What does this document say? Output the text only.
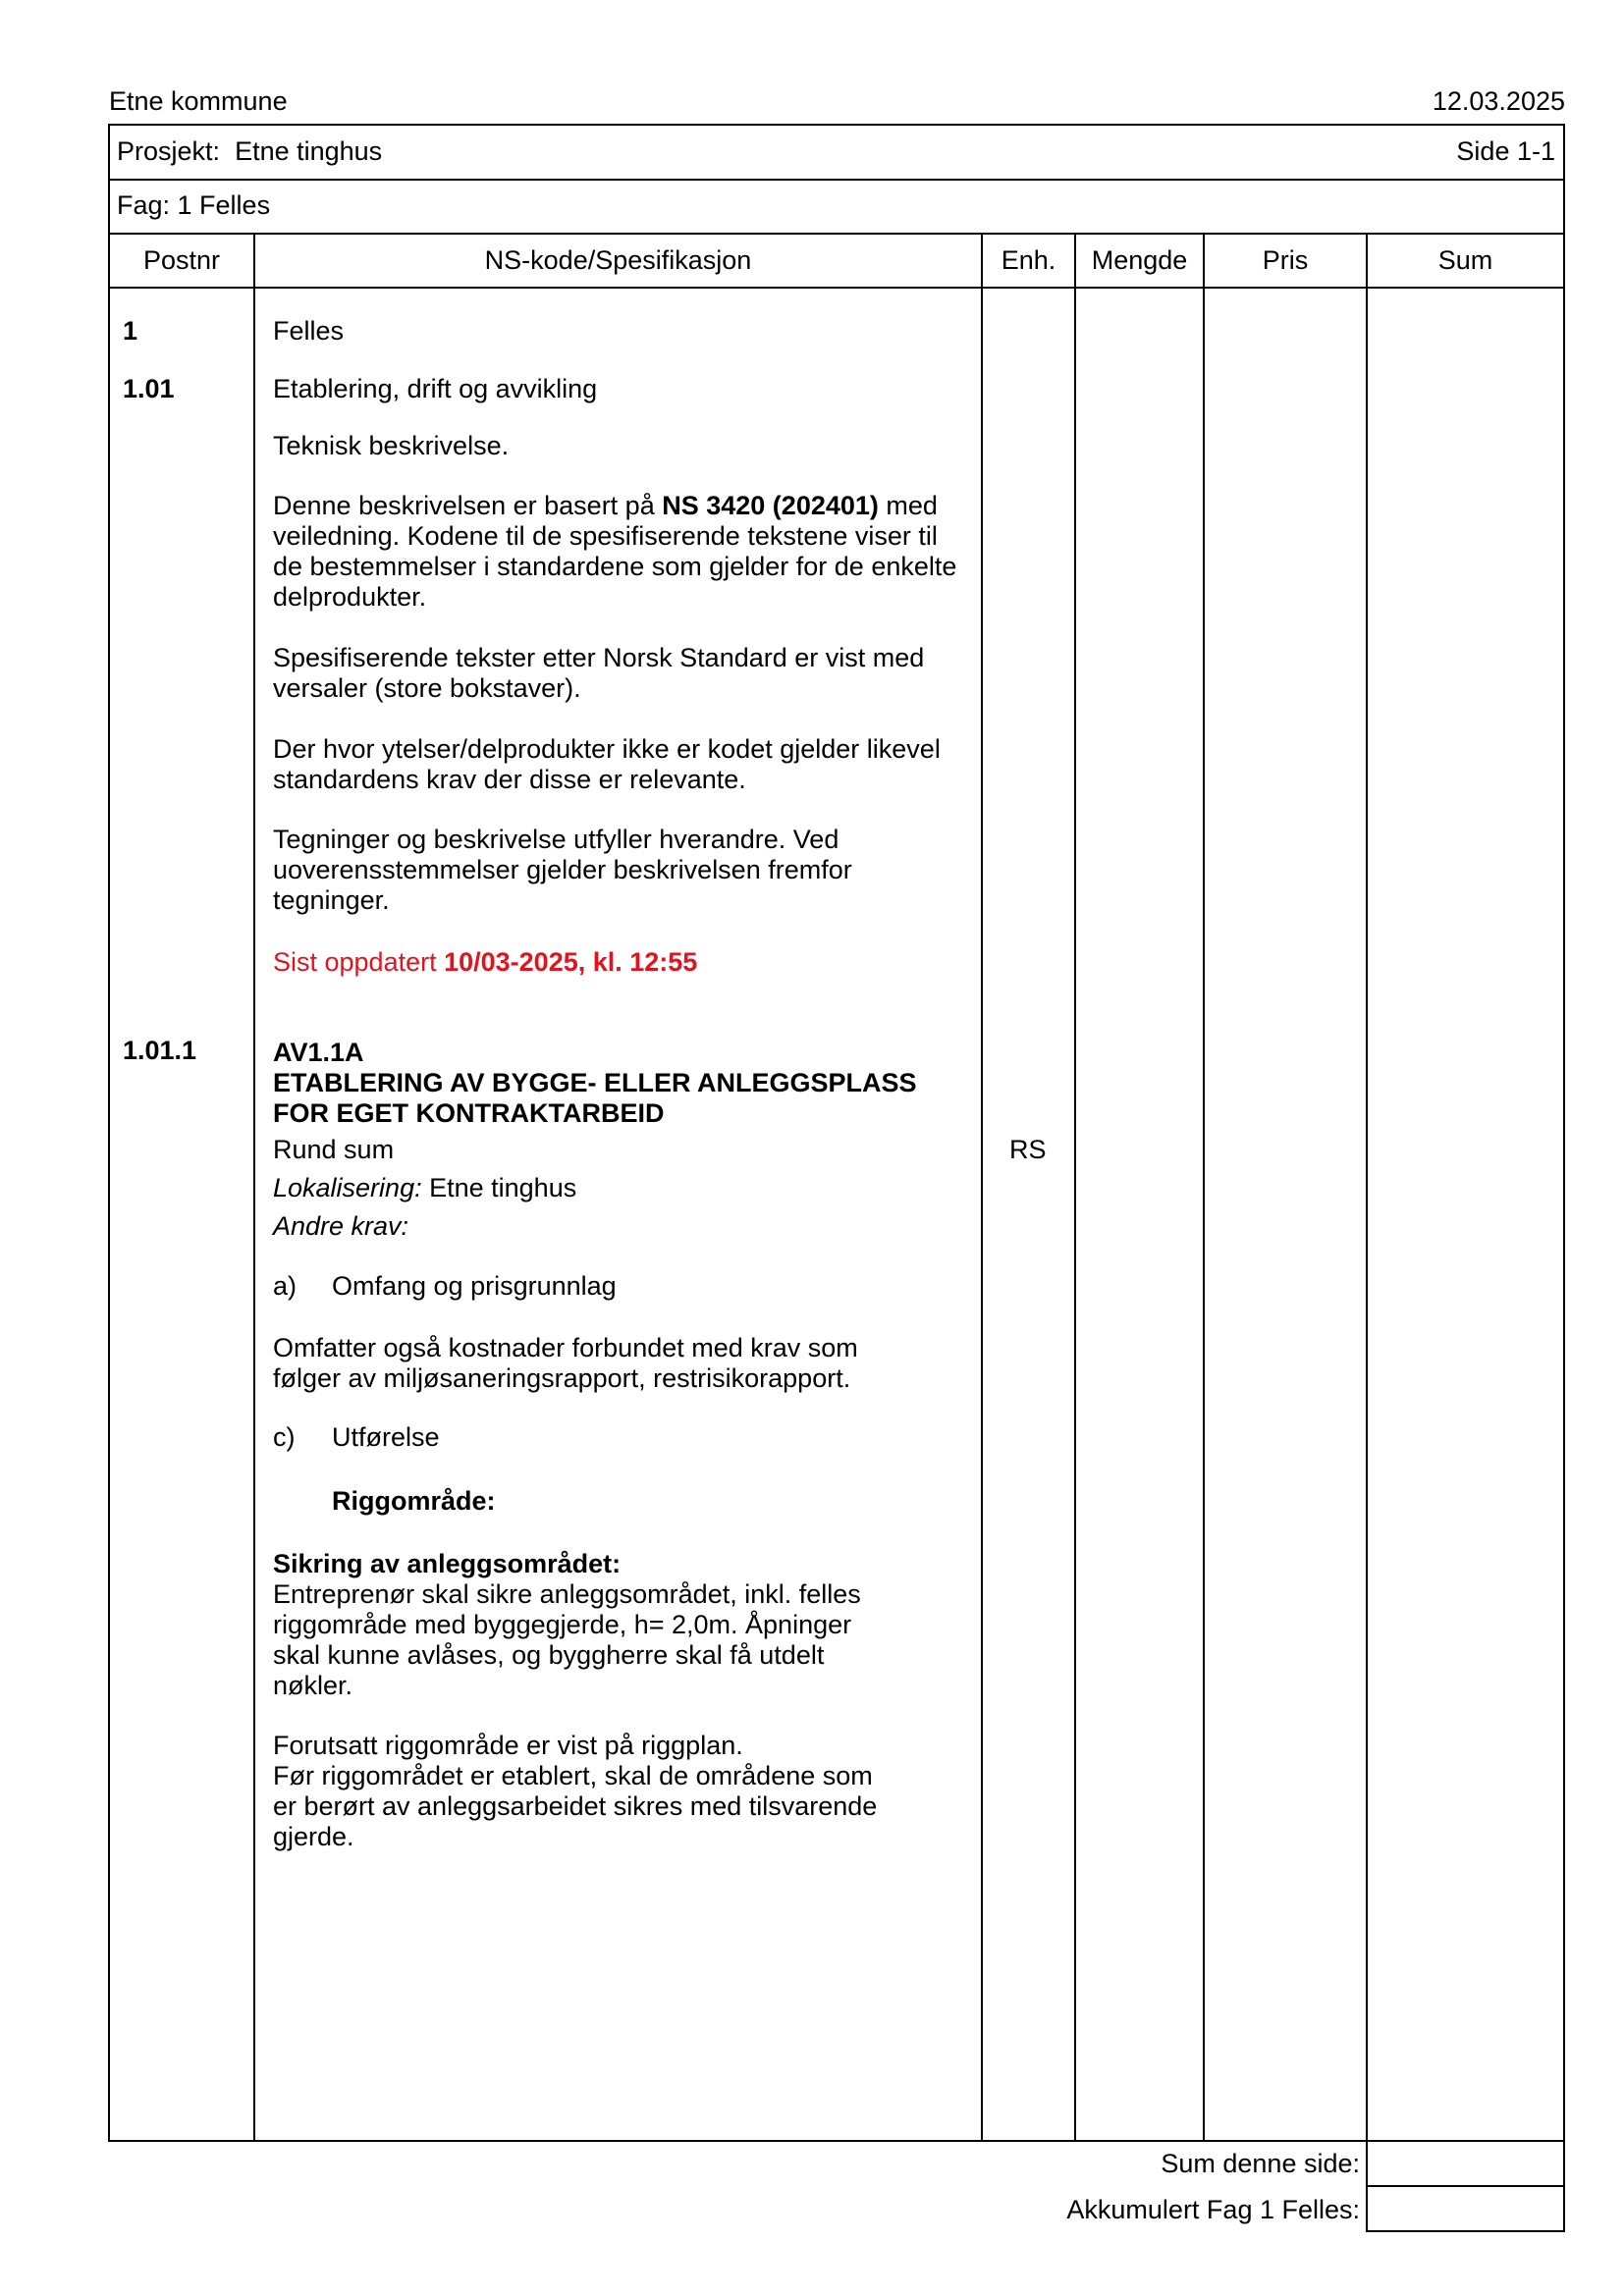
Etne kommune	12.03.2025
Prosjekt: Etne tinghus	Side 1-1
Fag: 1 Felles
Postnr	NS-kode/Spesifikasjon	Enh.	Mengde	Pris	Sum
1	Felles
1.01	Etablering, drift og avvikling
Teknisk beskrivelse.
Denne beskrivelsen er basert på NS 3420 (202401) med
veiledning. Kodene til de spesifiserende tekstene viser til
de bestemmelser i standardene som gjelder for de enkelte
delprodukter.
Spesifiserende tekster etter Norsk Standard er vist med
versaler (store bokstaver).
Der hvor ytelser/delprodukter ikke er kodet gjelder likevel
standardens krav der disse er relevante.
Tegninger og beskrivelse utfyller hverandre. Ved
uoverensstemmelser gjelder beskrivelsen fremfor
tegninger.
Sist oppdatert 10/03-2025, kl. 12:55
1.01.1	AV1.1A
ETABLERING AV BYGGE- ELLER ANLEGGSPLASS
FOR EGET KONTRAKTARBEID
Rund sum	RS
Lokalisering: Etne tinghus
Andre krav:
a) Omfang og prisgrunnlag
Omfatter også kostnader forbundet med krav som
følger av miljøsaneringsrapport, restrisikorapport.
c) Utførelse
Riggområde:
Sikring av anleggsområdet:
Entreprenør skal sikre anleggsområdet, inkl. felles
riggområde med byggegjerde, h= 2,0m. Åpninger
skal kunne avlåses, og byggherre skal få utdelt
nøkler.
Forutsatt riggområde er vist på riggplan.
Før riggområdet er etablert, skal de områdene som
er berørt av anleggsarbeidet sikres med tilsvarende
gjerde.
Sum denne side:
Akkumulert Fag 1 Felles:
